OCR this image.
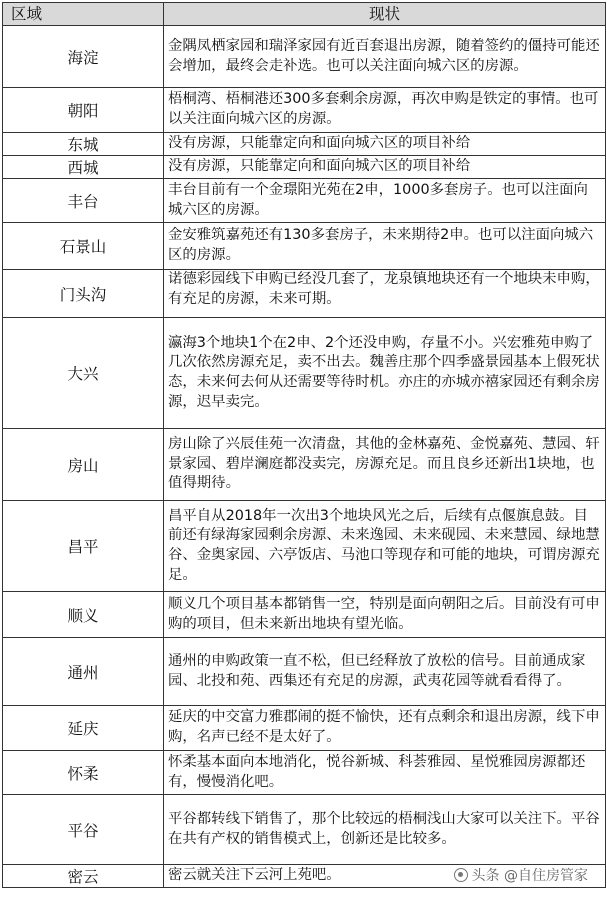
区域	现状
海淀	金隅凤栖家园和瑞泽家园有近百套退出房源，随着签约的僵持可能还会增加，最终会走补选。也可以关注面向城六区的房源。
朝阳	梧桐湾、梧桐港还300多套剩余房源，再次申购是铁定的事情。也可以关注面向城六区的房源。
东城	没有房源，只能靠定向和面向城六区的项目补给
西城	没有房源，只能靠定向和面向城六区的项目补给
丰台	丰台目前有一个金璟阳光苑在2申，1000多套房子。也可以注面向城六区的房源。
石景山	金安雅筑嘉苑还有130多套房子，未来期待2申。也可以注面向城六区的房源。
门头沟	诺德彩园线下申购已经没几套了，龙泉镇地块还有一个地块未申购，有充足的房源，未来可期。
大兴	瀛海3个地块1个在2申、2个还没申购，存量不小。兴宏雅苑申购了几次依然房源充足，卖不出去。魏善庄那个四季盛景园基本上假死状态，未来何去何从还需要等待时机。亦庄的亦城亦禧家园还有剩余房源，迟早卖完。
房山	房山除了兴辰佳苑一次清盘，其他的金林嘉苑、金悦嘉苑、慧园、轩景家园、碧岸澜庭都没卖完，房源充足。而且良乡还新出1块地，也值得期待。
昌平	昌平自从2018年一次出3个地块风光之后，后续有点偃旗息鼓。目前还有绿海家园剩余房源、未来逸园、未来砚园、未来慧园、绿地慧谷、金奥家园、六亭饭店、马池口等现存和可能的地块，可谓房源充足。
顺义	顺义几个项目基本都销售一空，特别是面向朝阳之后。目前没有可申购的项目，但未来新出地块有望光临。
通州	通州的申购政策一直不松，但已经释放了放松的信号。目前通成家园、北投和苑、西集还有充足的房源，武夷花园等就看看得了。
延庆	延庆的中交富力雅郡闹的挺不愉快，还有点剩余和退出房源，线下申购，名声已经不是太好了。
怀柔	怀柔基本面向本地消化，悦谷新城、科荟雅园、星悦雅园房源都还有，慢慢消化吧。
平谷	平谷都转线下销售了，那个比较远的梧桐浅山大家可以关注下。平谷在共有产权的销售模式上，创新还是比较多。
密云	密云就关注下云河上苑吧。	头条 @自住房管家
